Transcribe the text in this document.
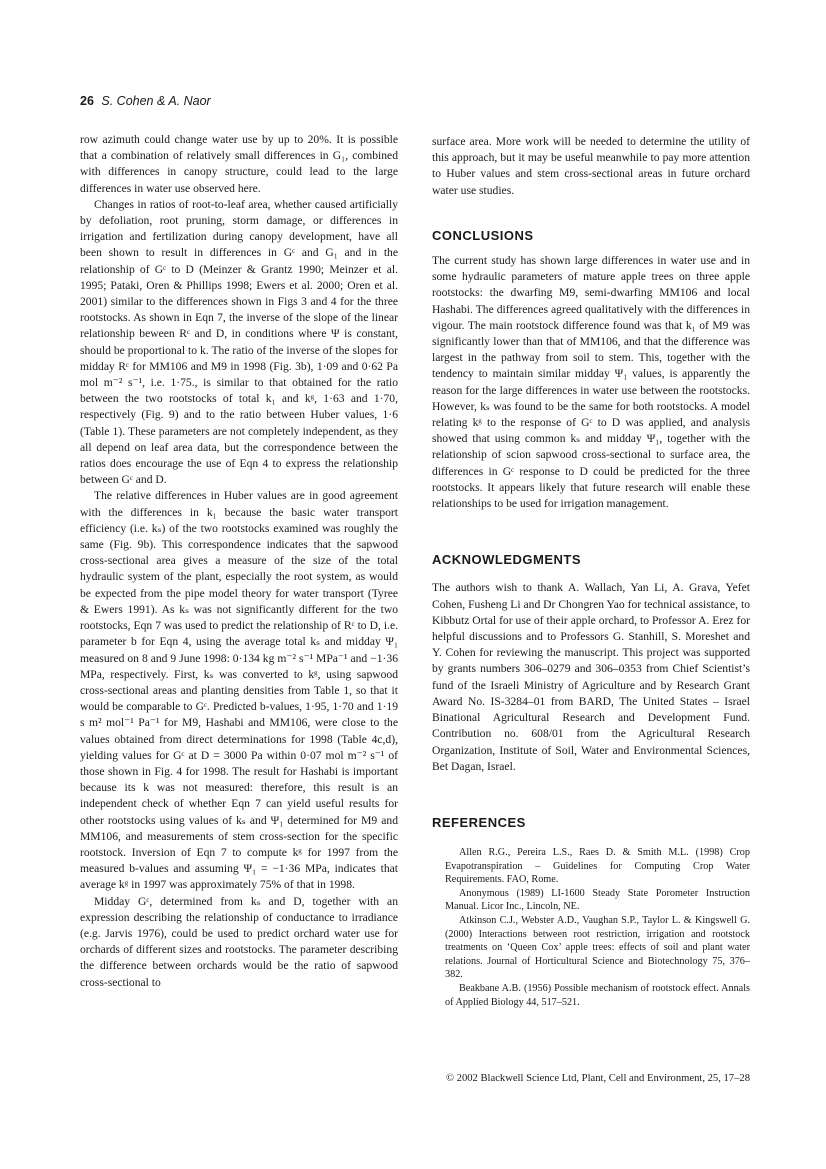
26 S. Cohen & A. Naor

row azimuth could change water use by up to 20%. It is possible that a combination of relatively small differences in G₁, combined with differences in canopy structure, could lead to the large differences in water use observed here.

Changes in ratios of root-to-leaf area, whether caused artificially by defoliation, root pruning, storm damage, or differences in irrigation and fertilization during canopy development, have all been shown to result in differences in Gᶜ and G₁ and in the relationship of Gᶜ to D (Meinzer & Grantz 1990; Meinzer et al. 1995; Pataki, Oren & Phillips 1998; Ewers et al. 2000; Oren et al. 2001) similar to the differences shown in Figs 3 and 4 for the three rootstocks. As shown in Eqn 7, the inverse of the slope of the linear relationship beween Rᶜ and D, in conditions where Ψ is constant, should be proportional to k. The ratio of the inverse of the slopes for midday Rᶜ for MM106 and M9 in 1998 (Fig. 3b), 1·09 and 0·62 Pa mol m⁻² s⁻¹, i.e. 1·75., is similar to that obtained for the ratio between the two rootstocks of total k₁ and kᵍ, 1·63 and 1·70, respectively (Fig. 9) and to the ratio between Huber values, 1·6 (Table 1). These parameters are not completely independent, as they all depend on leaf area data, but the correspondence between the ratios does encourage the use of Eqn 4 to express the relationship between Gᶜ and D.

The relative differences in Huber values are in good agreement with the differences in k₁ because the basic water transport efficiency (i.e. kₛ) of the two rootstocks examined was roughly the same (Fig. 9b). This correspondence indicates that the sapwood cross-sectional area gives a measure of the size of the total hydraulic system of the plant, especially the root system, as would be expected from the pipe model theory for water transport (Tyree & Ewers 1991). As kₛ was not significantly different for the two rootstocks, Eqn 7 was used to predict the relationship of Rᶜ to D, i.e. parameter b for Eqn 4, using the average total kₛ and midday Ψ₁ measured on 8 and 9 June 1998: 0·134 kg m⁻² s⁻¹ MPa⁻¹ and −1·36 MPa, respectively. First, kₛ was converted to kᵍ, using sapwood cross-sectional areas and planting densities from Table 1, so that it would be comparable to Gᶜ. Predicted b-values, 1·95, 1·70 and 1·19 s m² mol⁻¹ Pa⁻¹ for M9, Hashabi and MM106, were close to the values obtained from direct determinations for 1998 (Table 4c,d), yielding values for Gᶜ at D = 3000 Pa within 0·07 mol m⁻² s⁻¹ of those shown in Fig. 4 for 1998. The result for Hashabi is important because its k was not measured: therefore, this result is an independent check of whether Eqn 7 can yield useful results for other rootstocks using values of kₛ and Ψ₁ determined for M9 and MM106, and measurements of stem cross-section for the specific rootstock. Inversion of Eqn 7 to compute kᵍ for 1997 from the measured b-values and assuming Ψ₁ = −1·36 MPa, indicates that average kᵍ in 1997 was approximately 75% of that in 1998.

Midday Gᶜ, determined from kₛ and D, together with an expression describing the relationship of conductance to irradiance (e.g. Jarvis 1976), could be used to predict orchard water use for orchards of different sizes and rootstocks. The parameter describing the difference between orchards would be the ratio of sapwood cross-sectional to

surface area. More work will be needed to determine the utility of this approach, but it may be useful meanwhile to pay more attention to Huber values and stem cross-sectional areas in future orchard water use studies.

CONCLUSIONS

The current study has shown large differences in water use and in some hydraulic parameters of mature apple trees on three apple rootstocks: the dwarfing M9, semi-dwarfing MM106 and local Hashabi. The differences agreed qualitatively with the differences in vigour. The main rootstock difference found was that k₁ of M9 was significantly lower than that of MM106, and that the difference was largest in the pathway from soil to stem. This, together with the tendency to maintain similar midday Ψ₁ values, is apparently the reason for the large differences in water use between the rootstocks. However, kₛ was found to be the same for both rootstocks. A model relating kᵍ to the response of Gᶜ to D was applied, and analysis showed that using common kₛ and midday Ψ₁, together with the relationship of scion sapwood cross-sectional to surface area, the differences in Gᶜ response to D could be predicted for the three rootstocks. It appears likely that future research will enable these relationships to be used for irrigation management.

ACKNOWLEDGMENTS

The authors wish to thank A. Wallach, Yan Li, A. Grava, Yefet Cohen, Fusheng Li and Dr Chongren Yao for technical assistance, to Kibbutz Ortal for use of their apple orchard, to Professor A. Erez for helpful discussions and to Professors G. Stanhill, S. Moreshet and Y. Cohen for reviewing the manuscript. This project was supported by grants numbers 306–0279 and 306–0353 from Chief Scientist’s fund of the Israeli Ministry of Agriculture and by Research Grant Award No. IS-3284–01 from BARD, The United States – Israel Binational Agricultural Research and Development Fund. Contribution no. 608/01 from the Agricultural Research Organization, Institute of Soil, Water and Environmental Sciences, Bet Dagan, Israel.

REFERENCES

Allen R.G., Pereira L.S., Raes D. & Smith M.L. (1998) Crop Evapotranspiration – Guidelines for Computing Crop Water Requirements. FAO, Rome.

Anonymous (1989) LI-1600 Steady State Porometer Instruction Manual. Licor Inc., Lincoln, NE.

Atkinson C.J., Webster A.D., Vaughan S.P., Taylor L. & Kingswell G. (2000) Interactions between root restriction, irrigation and rootstock treatments on ‘Queen Cox’ apple trees: effects of soil and plant water relations. Journal of Horticultural Science and Biotechnology 75, 376–382.

Beakbane A.B. (1956) Possible mechanism of rootstock effect. Annals of Applied Biology 44, 517–521.

© 2002 Blackwell Science Ltd, Plant, Cell and Environment, 25, 17–28
